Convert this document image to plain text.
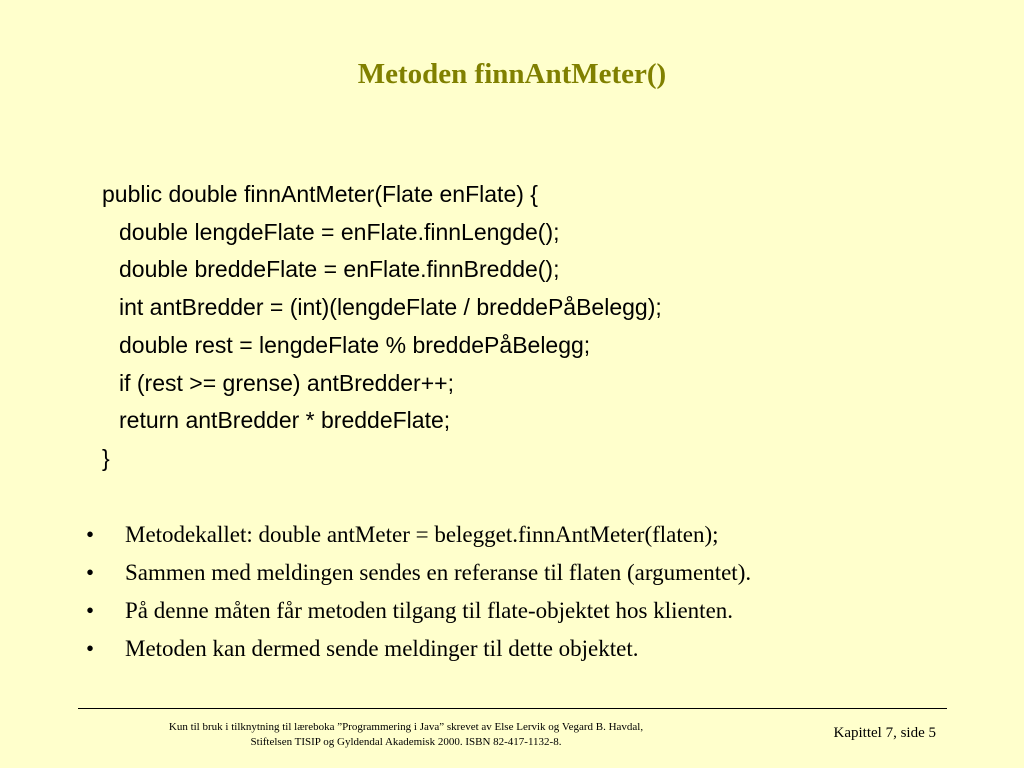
Metoden finnAntMeter()
public double finnAntMeter(Flate enFlate) {
double lengdeFlate = enFlate.finnLengde();
double breddeFlate = enFlate.finnBredde();
int antBredder = (int)(lengdeFlate / breddePåBelegg);
double rest = lengdeFlate % breddePåBelegg;
if (rest >= grense) antBredder++;
return antBredder * breddeFlate;
}
•	Metodekallet: double antMeter = belegget.finnAntMeter(flaten);
•	Sammen med meldingen sendes en referanse til flaten (argumentet).
•	På denne måten får metoden tilgang til flate-objektet hos klienten.
•	Metoden kan dermed sende meldinger til dette objektet.
Kun til bruk i tilknytning til læreboka ”Programmering i Java” skrevet av Else Lervik og Vegard B. Havdal,
Stiftelsen TISIP og Gyldendal Akademisk 2000. ISBN 82-417-1132-8.
Kapittel 7, side 5
